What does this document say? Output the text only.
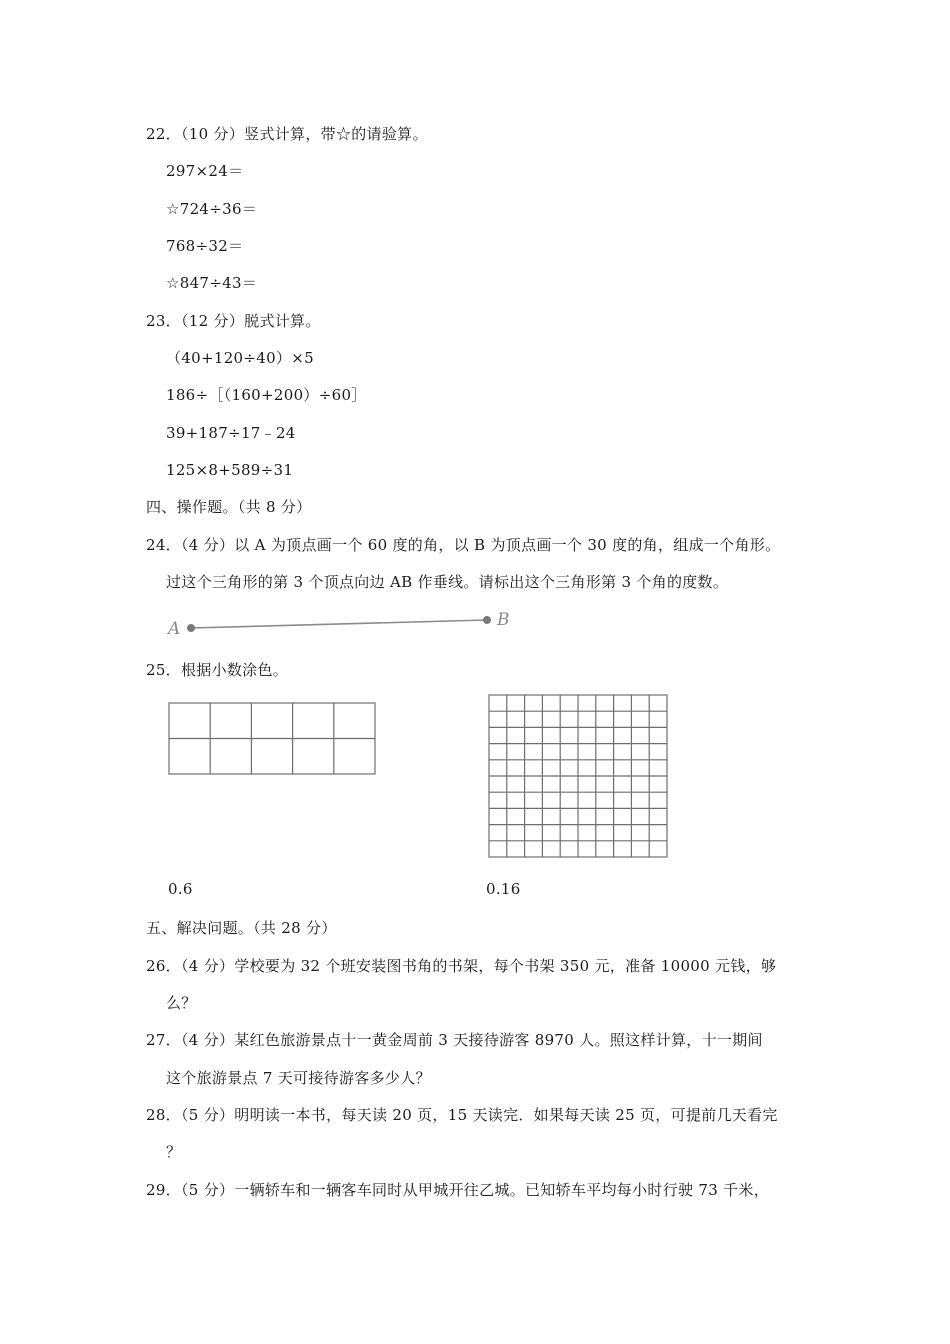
22．（10 分）竖式计算，带☆的请验算。
297×24＝
☆724÷36＝
768÷32＝
☆847÷43＝
23．（12 分）脱式计算。
（40+120÷40）×5
186÷［（160+200）÷60］
39+187÷17﹣24
125×8+589÷31
四、操作题。（共 8 分）
24．（4 分）以 A 为顶点画一个 60 度的角，以 B 为顶点画一个 30 度的角，组成一个角形。
过这个三角形的第 3 个顶点向边 AB 作垂线。请标出这个三角形第 3 个角的度数。
A	B
25．根据小数涂色。
0.6	0.16
五、解决问题。（共 28 分）
26．（4 分）学校要为 32 个班安装图书角的书架，每个书架 350 元，准备 10000 元钱，够
么？
27．（4 分）某红色旅游景点十一黄金周前 3 天接待游客 8970 人。照这样计算，十一期间
这个旅游景点 7 天可接待游客多少人？
28．（5 分）明明读一本书，每天读 20 页，15 天读完．如果每天读 25 页，可提前几天看完
？
29．（5 分）一辆轿车和一辆客车同时从甲城开往乙城。已知轿车平均每小时行驶 73 千米，
